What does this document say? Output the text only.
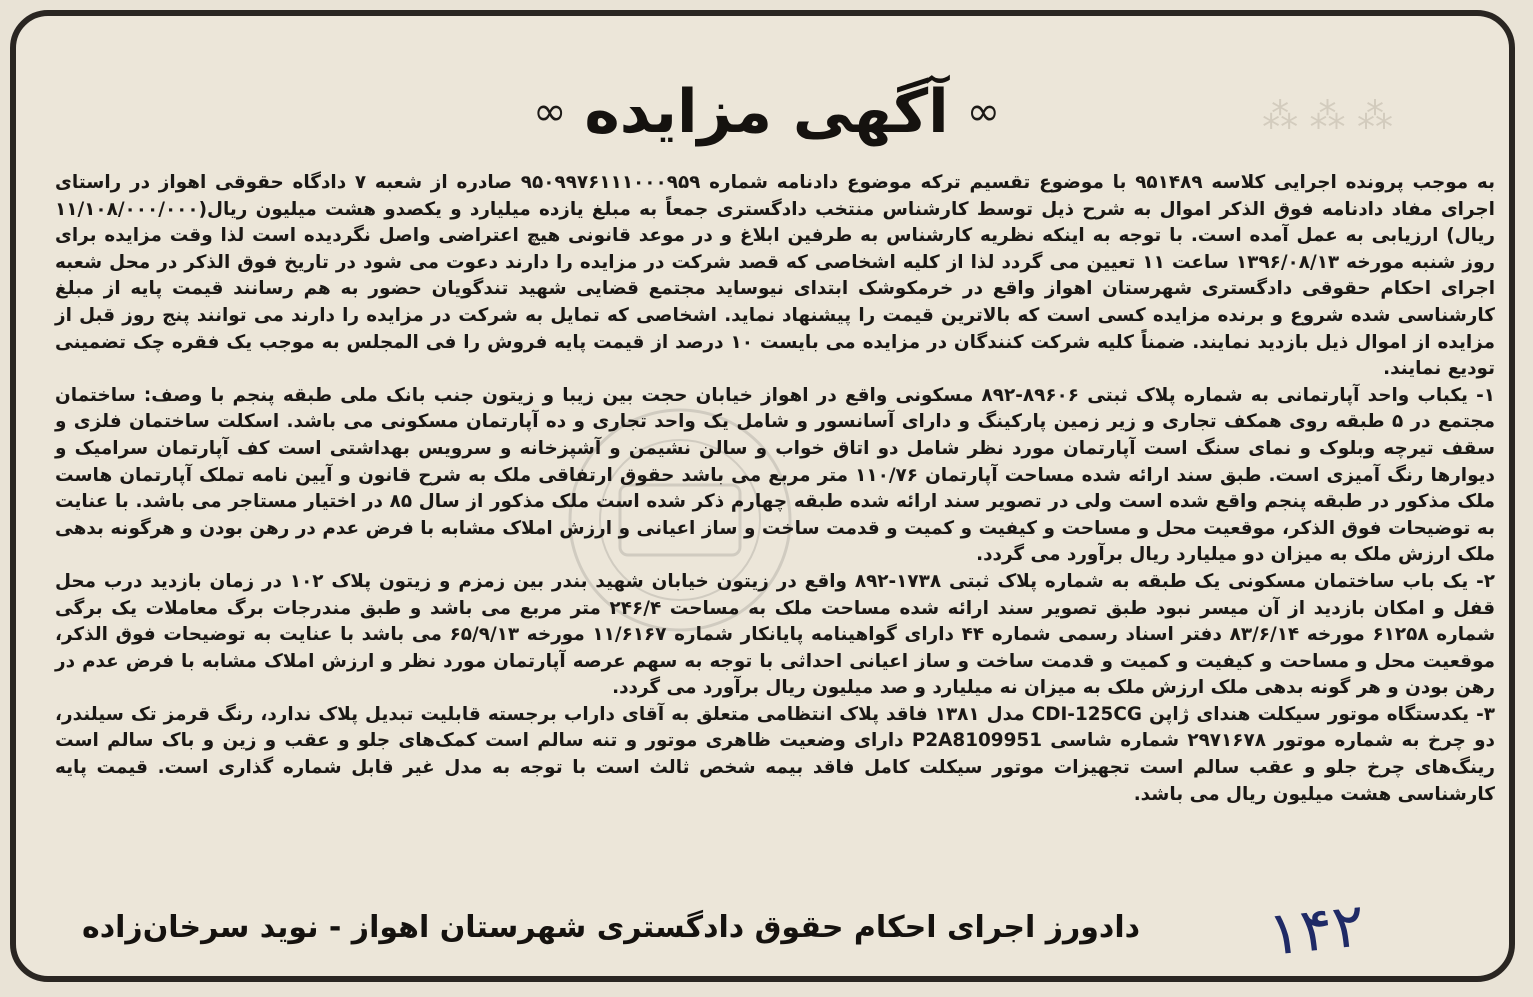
⁂ ⁂ ⁂
∞
آگهی مزایده
∞

به موجب پرونده اجرایی کلاسه ۹۵۱۴۸۹ با موضوع تقسیم ترکه موضوع دادنامه شماره ۹۵۰۹۹۷۶۱۱۱۰۰۰۹۵۹ صادره از شعبه ۷ دادگاه حقوقی اهواز در راستای اجرای مفاد دادنامه فوق الذکر اموال به شرح ذیل توسط کارشناس منتخب دادگستری جمعاً به مبلغ یازده میلیارد و یکصدو هشت میلیون ریال(۱۱/۱۰۸/۰۰۰/۰۰۰ ریال) ارزیابی به عمل آمده است. با توجه به اینکه نظریه کارشناس به طرفین ابلاغ و در موعد قانونی هیچ اعتراضی واصل نگردیده است لذا وقت مزایده برای روز شنبه مورخه ۱۳۹۶/۰۸/۱۳ ساعت ۱۱ تعیین می گردد لذا از کلیه اشخاصی که قصد شرکت در مزایده را دارند دعوت می شود در تاریخ فوق الذکر در محل شعبه اجرای احکام حقوقی دادگستری شهرستان اهواز واقع در خرمکوشک ابتدای نیوساید مجتمع قضایی شهید تندگویان حضور به هم رسانند قیمت پایه از مبلغ کارشناسی شده شروع و برنده مزایده کسی است که بالاترین قیمت را پیشنهاد نماید. اشخاصی که تمایل به شرکت در مزایده را دارند می توانند پنج روز قبل از مزایده از اموال ذیل بازدید نمایند. ضمناً کلیه شرکت کنندگان در مزایده می بایست ۱۰ درصد از قیمت پایه فروش را فی المجلس به موجب یک فقره چک تضمینی تودیع نمایند.

۱- یکباب واحد آپارتمانی به شماره پلاک ثبتی ۸۹۶۰۶-۸۹۲ مسکونی واقع در اهواز خیابان حجت بین زیبا و زیتون جنب بانک ملی طبقه پنجم با وصف: ساختمان مجتمع در ۵ طبقه روی همکف تجاری و زیر زمین پارکینگ و دارای آسانسور و شامل یک واحد تجاری و ده آپارتمان مسکونی می باشد. اسکلت ساختمان فلزی و سقف تیرچه وبلوک و نمای سنگ است آپارتمان مورد نظر شامل دو اتاق خواب و سالن نشیمن و آشپزخانه و سرویس بهداشتی است کف آپارتمان سرامیک و دیوارها رنگ آمیزی است. طبق سند ارائه شده مساحت آپارتمان ۱۱۰/۷۶ متر مربع می باشد حقوق ارتفاقی ملک به شرح قانون و آیین نامه تملک آپارتمان هاست ملک مذکور در طبقه پنجم واقع شده است ولی در تصویر سند ارائه شده طبقه چهارم ذکر شده است ملک مذکور از سال ۸۵ در اختیار مستاجر می باشد. با عنایت به توضیحات فوق الذکر، موقعیت محل و مساحت و کیفیت و کمیت و قدمت ساخت و ساز اعیانی و ارزش املاک مشابه با فرض عدم در رهن بودن و هرگونه بدهی ملک ارزش ملک به میزان دو میلیارد ریال برآورد می گردد.

۲- یک باب ساختمان مسکونی یک طبقه به شماره پلاک ثبتی ۱۷۳۸-۸۹۲ واقع در زیتون خیابان شهید بندر بین زمزم و زیتون پلاک ۱۰۲ در زمان بازدید درب محل قفل و امکان بازدید از آن میسر نبود طبق تصویر سند ارائه شده مساحت ملک به مساحت ۲۴۶/۴ متر مربع می باشد و طبق مندرجات برگ معاملات یک برگی شماره ۶۱۲۵۸ مورخه ۸۳/۶/۱۴ دفتر اسناد رسمی شماره ۴۴ دارای گواهینامه پایانکار شماره ۱۱/۶۱۶۷ مورخه ۶۵/۹/۱۳ می باشد با عنایت به توضیحات فوق الذکر، موقعیت محل و مساحت و کیفیت و کمیت و قدمت ساخت و ساز اعیانی احداثی با توجه به سهم عرصه آپارتمان مورد نظر و ارزش املاک مشابه با فرض عدم در رهن بودن و هر گونه بدهی ملک ارزش ملک به میزان نه میلیارد و صد میلیون ریال برآورد می گردد.

۳- یکدستگاه موتور سیکلت هندای ژاپن CDI-125CG مدل ۱۳۸۱ فاقد پلاک انتظامی متعلق به آقای داراب برجسته قابلیت تبدیل پلاک ندارد، رنگ قرمز تک سیلندر، دو چرخ به شماره موتور ۲۹۷۱۶۷۸ شماره شاسی P2A8109951 دارای وضعیت ظاهری موتور و تنه سالم است کمک‌های جلو و عقب و زین و باک سالم است رینگ‌های چرخ جلو و عقب سالم است تجهیزات موتور سیکلت کامل فاقد بیمه شخص ثالث است با توجه به مدل غیر قابل شماره گذاری است. قیمت پایه کارشناسی هشت میلیون ریال می باشد.

دادورز اجرای احکام حقوق دادگستری شهرستان اهواز - نوید سرخان‌زاده ۱۴۲
